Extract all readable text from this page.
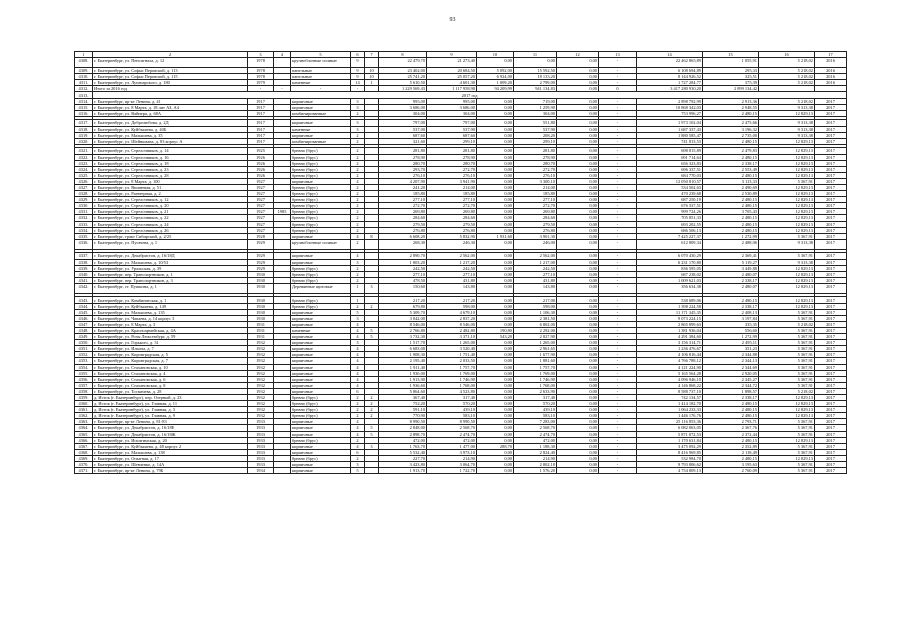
93
1	2	3	4	5	6	7	8	9	10	11	12	13	14	15	16	17
4308.	г. Екатеринбург, ул. Пенсигнала, д. 12	1978		крупноблочные силикат	9		22 479,70	21 273,40	0,00	0,00	0,00	-	22 462 865,89	1 055,91	5 218,02	2016
4309.	г. Екатеринбург, ул. Софьи Перовской, д. 113	1978		панельные	9	10	23 402,00	20 684,50	5 092,00	15 592,50	0,00	-	6 108 694,89	295,33	5 218,02	2016
4310.	г. Екатеринбург, ул. Софьи Перовской, д. 115	1978		панельные	9	10	25 741,20	25 057,20	6 924,00	18 133,20	0,00	-	8 144 926,52	325,51	5 218,02	2016
4311.	г. Екатеринбург, ул. Луначарского, д. 180	1979		каменные	14	1	5 610,50	4 601,30	1 009,20	2 799,00	0,00	-	1 727 284,77	375,39	5 218,02	2016
4312.	Итого за 2016 год	-	-	-	-		1 229 569,43	1 117 958,90	94 209,99	941 134,83	0,00	0	3 417 280 930,20	2 899 134,42		
4313.	2017 год															
4314.	г. Екатеринбург, пр-кт Ленина, д. 41	1917		кирпичные	3		995,00	995,00	0,00	719,00	0,00	-	2 898 792,99	2 913,36	5 218,02	2017
4315.	г. Екатеринбург, ул. 8 Марта, д. 18 лит АЗ, А4	1917		кирпичные	3		3 686,00	3 686,00	0,00	1 259,90	0,00	-	10 868 342,03	2 948,55	9 313,38	2017
4316.	г. Екатеринбург, ул. Вайнера, д. 68А	1917		комбинированные	2		304,00	304,00	0,00	304,00	0,00	-	753 996,27	2 480,15	12 829,13	2017

4317.	г. Екатеринбург, ул. Добролюбова, д. 2Д	1917		кирпичные	3		797,00	797,00	0,00	551,80	0,00	-	1 973 102,04	2 475,66	9 313,38	2017
4318.	г. Екатеринбург, ул. Куйбышева, д. 40Б	1917		каменные	3		537,00	537,90	0,00	537,90	0,00	-	1 687 337,43	3 196,32	9 313,38	2017
4319.	г. Екатеринбург, ул. Малышева, д. 35	1917		кирпичные	2		687,60	687,60	0,00	208,20	0,00	-	1 880 585,47	2 735,00	9 313,38	2017
4320.	г. Екатеринбург, ул. Шейнкмана, д. 83 корпус А	1917		комбинированные	2		321,60	299,10	0,00	299,10	0,00	-	741 813,53	2 480,15	12 829,13	2017

4321.	г. Екатеринбург, ул. Стрелочников, д. 14	1925		бревно (брус)	2		281,80	281,80	0,00	281,80	0,00	-	698 815,89	2 479,83	12 829,13	2017
4322.	г. Екатеринбург, ул. Стрелочников, д. 16	1926		бревно (брус)	2		278,90	278,90	0,00	278,90	0,00	-	691 714,64	2 480,15	12 829,13	2017
4323.	г. Екатеринбург, ул. Стрелочников, д. 18	1926		бревно (брус)	2		280,70	280,70	0,00	280,70	0,00	-	656 323,83	2 338,17	12 829,13	2017
4324.	г. Екатеринбург, ул. Стрелочников, д. 23	1926		бревно (брус)	2		293,70	272,70	0,00	272,70	0,00	-	696 337,51	2 553,49	12 829,13	2017
4325.	г. Екатеринбург, ул. Стрелочников, д. 28	1926		бревно (брус)	2		276,10	276,10	0,00	276,10	0,00	-	684 770,03	2 480,15	12 829,13	2017
4326.	г. Екатеринбург, ул. 8 Марта, д. 100	1927		кирпичные	4		4 207,90	3 941,90	0,00	3 300,10	0,00	-	12 050 810,57	3 113,33	5 367,91	2017
4327.	г. Екатеринбург, ул. Вишневая, д. 51	1927		бревно (брус)	2		241,20	214,00	0,00	214,00	0,00	-	534 502,63	2 490,69	12 829,13	2017
4328.	г. Екатеринбург, ул. Раевтерная, д. 2	1927		бревно (брус)	2		185,80	185,80	0,00	185,80	0,00	-	470 239,68	2 530,89	12 829,13	2017
4329.	г. Екатеринбург, ул. Стрелочников, д. 12	1927		бревно (брус)	2		277,10	277,10	0,00	277,10	0,00	-	687 250,19	2 480,15	12 829,13	2017
4330.	г. Екатеринбург, ул. Стрелочников, д. 20	1927		бревно (брус)	2		272,70	272,70	0,00	272,70	0,00	-	676 337,51	2 480,15	12 829,13	2017
4331.	г. Екатеринбург, ул. Стрелочников, д. 21	1927	1985	бревно (брус)	2		269,80	269,80	0,00	269,80	0,00	-	999 724,26	3 705,43	12 829,13	2017
4332.	г. Екатеринбург, ул. Стрелочников, д. 22	1927		бревно (брус)	2		284,60	284,60	0,00	284,60	0,00	-	705 851,33	2 480,15	12 829,13	2017
4333.	г. Екатеринбург, ул. Стрелочников, д. 24	1927		бревно (брус)	2		279,50	279,50	0,00	279,50	0,00	-	693 202,55	2 480,15	12 829,13	2017
4334.	г. Екатеринбург, ул. Стрелочников, д. 26	1927		бревно (брус)	2		276,80	276,80	0,00	276,80	0,00	-	686 506,13	2 480,15	12 829,13	2017
4335.	г. Екатеринбург, тракт Сибирский, д. 2/25	1928		кирпичные	4	8	6 608,20	5 832,90	1 931,60	3 901,30	0,00	-	7 425 227,37	1 272,99	5 367,91	2017
4336.	г. Екатеринбург, ул. Пугачева, д. 1	1929		крупноблочные силикат	2		268,30	246,30	0,00	246,00	0,00	-	612 809,34	2 488,06	9 313,38	2017

4337.	г. Екатеринбург, ул. Декабристов, д. 16/18Д	1929		кирпичные	4		2 890,70	2 562,00	0,00	2 562,00	0,00	-	6 070 430,29	2 369,41	5 367,91	2017
4338.	г. Екатеринбург, ул. Малышева, д. 10/53	1929		кирпичные	3		1 803,20	1 217,20	0,00	1 217,00	0,00	-	6 231 170,80	5 119,27	9 313,38	2017
4339.	г. Екатеринбург, ул. Уральская, д. 39	1929		бревно (брус)	2		242,50	242,50	0,00	242,50	0,00	-	836 595,05	3 449,88	12 829,13	2017
4340.	г. Екатеринбург, пер. Транспортников, д. 1	1930		бревно (брус)	2		277,10	277,10	0,00	277,10	0,00	-	687 238,02	2 480,07	12 829,13	2017
4341.	г. Екатеринбург, пер. Транспортников, д. 3	1930		бревно (брус)	2		478,50	431,80	0,00	431,80	0,00	-	1 009 621,03	2 338,17	12 829,13	2017
4342.	г. Екатеринбург, ст. Пушкина, д. 1	1930		Деревянные щитовые	1	3	150,60	143,80	0,00	143,80	0,00	-	356 634,38	2 480,07	12 829,13	2017

4343.	г. Екатеринбург, ул. Комбинатская, д. 1	1930		бревно (брус)	1		217,20	217,20	0,00	217,00	0,00	-	538 689,06	2 480,15	12 829,13	2017
4344.	г. Екатеринбург, ул. Куйбышева, д. 149	1930		бревно (брус)	2	2	679,80	598,00	0,00	598,00	0,00	-	1 398 224,58	2 338,17	12 829,13	2017
4345.	г. Екатеринбург, ул. Малышева, д. 135	1930		кирпичные	5		5 309,70	4 679,10	0,00	1 106,30	0,00	-	11 171 345,35	2 408,13	5 367,91	2017
4346.	г. Екатеринбург, ул. Чапаева, д. 14 корпус 3	1930		кирпичные	3		3 042,00	2 837,20	0,00	2 381,50	0,00	-	9 073 224,15	3 197,84	5 367,91	2017
4347.	г. Екатеринбург, ул. 8 Марта, д. 3	1931		кирпичные	4		8 546,00	8 546,00	0,00	6 802,00	0,00	-	2 865 899,63	335,35	5 218,02	2017
4348.	г. Екатеринбург, ул. Красноармейская, д. 4А	1931		каменные	4	5	2 766,80	2 482,80	190,80	2 292,00	0,00	-	1 381 936,04	556,60	5 367,91	2017
4349.	г. Екатеринбург, ул. Розы Люксембург, д. 59	1931		кирпичные	4	5	3 732,30	3 371,10	543,20	2 827,90	0,00	-	4 291 384,60	1 272,99	5 367,91	2017
4350.	г. Екатеринбург, ул. Горького, д. 31	1932		кирпичные	3		1 517,70	1 265,00	0,00	1 265,00	0,00	-	3 156 314,71	2 495,11	5 367,91	2017
4351.	г. Екатеринбург, ул. Ильича, д. 7	1932		кирпичные	4		6 683,00	3 520,40	0,00	2 961,65	0,00	-	1 236 476,67	351,23	5 367,91	2017
4352.	г. Екатеринбург, ул. Кировградская, д. 5	1932		кирпичные	4		1 908,30	1 751,40	0,00	1 677,90	0,00	-	4 106 816,44	2 344,88	5 367,91	2017
4353.	г. Екатеринбург, ул. Кировградская, д. 7	1932		кирпичные	4		2 195,40	2 033,50	0,00	1 881,60	0,00	-	4 766 788,12	2 344,13	5 367,91	2017
4354.	г. Екатеринбург, ул. Стахановская, д. 10	1932		кирпичные	4		1 911,40	1 757,70	0,00	1 757,70	0,00	-	4 121 224,90	2 344,69	5 367,91	2017
4355.	г. Екатеринбург, ул. Стахановская, д. 4	1932		кирпичные	4		1 930,00	1 769,00	0,00	1 769,00	0,00	-	5 165 564,28	2 920,05	5 367,91	2017
4356.	г. Екатеринбург, ул. Стахановская, д. 6	1932		кирпичные	4		1 913,90	1 746,90	0,00	1 746,90	0,00	-	4 096 946,10	2 345,27	5 367,91	2017
4357.	г. Екатеринбург, ул. Стахановская, д. 8	1932		кирпичные	4		1 936,60	1 768,00	0,00	1 768,00	0,00	-	4 146 868,22	2 344,72	5 367,91	2017
4358.	г. Екатеринбург, ул. Тосмачева, д. 28	1932		кирпичные	6		5 864,60	4 523,80	0,00	2 633,90	0,00	-	8 588 737,10	1 898,57	5 218,02	2017
4359.	д. Исток (г. Екатеринбург), пер. Озерный, д. 23	1932		бревно (брус)	2	2	367,40	317,40	0,00	317,40	0,00	-	742 134,57	2 338,17	12 829,13	2017
4360.	д. Исток (г. Екатеринбург), ул. Главная, д. 11	1932		бревно (брус)	2	2	752,20	570,20	0,00	570,20	0,00	-	1 414 182,70	2 480,15	12 829,13	2017
4361.	д. Исток (г. Екатеринбург), ул. Главная, д. 3	1932		бревно (брус)	2	2	591,10	439,10	0,00	439,10	0,00	-	1 064 233,33	2 480,15	12 829,13	2017
4362.	д. Исток (г. Екатеринбург), ул. Главная, д. 9	1932		бревно (брус)	2	2	770,90	583,10	0,00	583,10	0,00	-	1 446 176,76	2 480,15	12 829,13	2017
4363.	г. Екатеринбург, пр-кт Ленина, д. 81-83	1933		кирпичные	4		8 990,50	8 990,50	0,00	7 283,00	0,00	-	25 116 853,36	2 793,71	5 367,91	2017
4364.	г. Екатеринбург, ул. Декабристов, д. 16/18Е	1933		кирпичные	4	5	2 848,00	2 568,70	0,00	2 568,70	0,00	-	6 082 063,05	2 367,76	5 367,91	2017
4365.	г. Екатеринбург, ул. Декабристов, д. 16/18Ж	1933		кирпичные	4	5	2 898,70	2 474,70	0,00	2 474,70	0,00	-	5 871 072,53	2 372,44	5 367,91	2017
4366.	г. Екатеринбург, ул. Искитимская, д. 20	1933		бревно (брус)	2		472,00	472,00	0,00	472,00	0,00	-	1 170 631,84	2 480,15	12 829,13	2017
4367.	г. Екатеринбург, ул. Куйбышева, д. 48 корпус 2	1933		кирпичные	4	3	1 763,70	1 477,00	288,70	1 188,30	0,00	-	3 475 092,29	2 352,89	5 367,91	2017
4368.	г. Екатеринбург, ул. Малышева, д. 138	1933		кирпичные	6		5 532,40	3 973,10	0,00	2 824,40	0,00	-	8 416 969,85	2 118,49	5 367,91	2017
4369.	г. Екатеринбург, ул. Опытная, д. 17	1933		бревно (брус)	2		227,70	214,90	0,00	214,90	0,00	-	532 984,70	2 480,15	12 829,13	2017
4370.	г. Екатеринбург, ул. Шевченко, д. 14А	1933		кирпичные	3		3 423,80	3 064,70	0,00	2 802,18	0,00	-	9 793 806,62	3 195,63	5 367,91	2017
4371.	г. Екатеринбург, пр-кт Ленина, д. 79Б	1934		кирпичные	5		1 913,70	1 722,70	0,00	1 576,20	0,00	-	4 754 809,13	2 760,09	5 367,91	2017
